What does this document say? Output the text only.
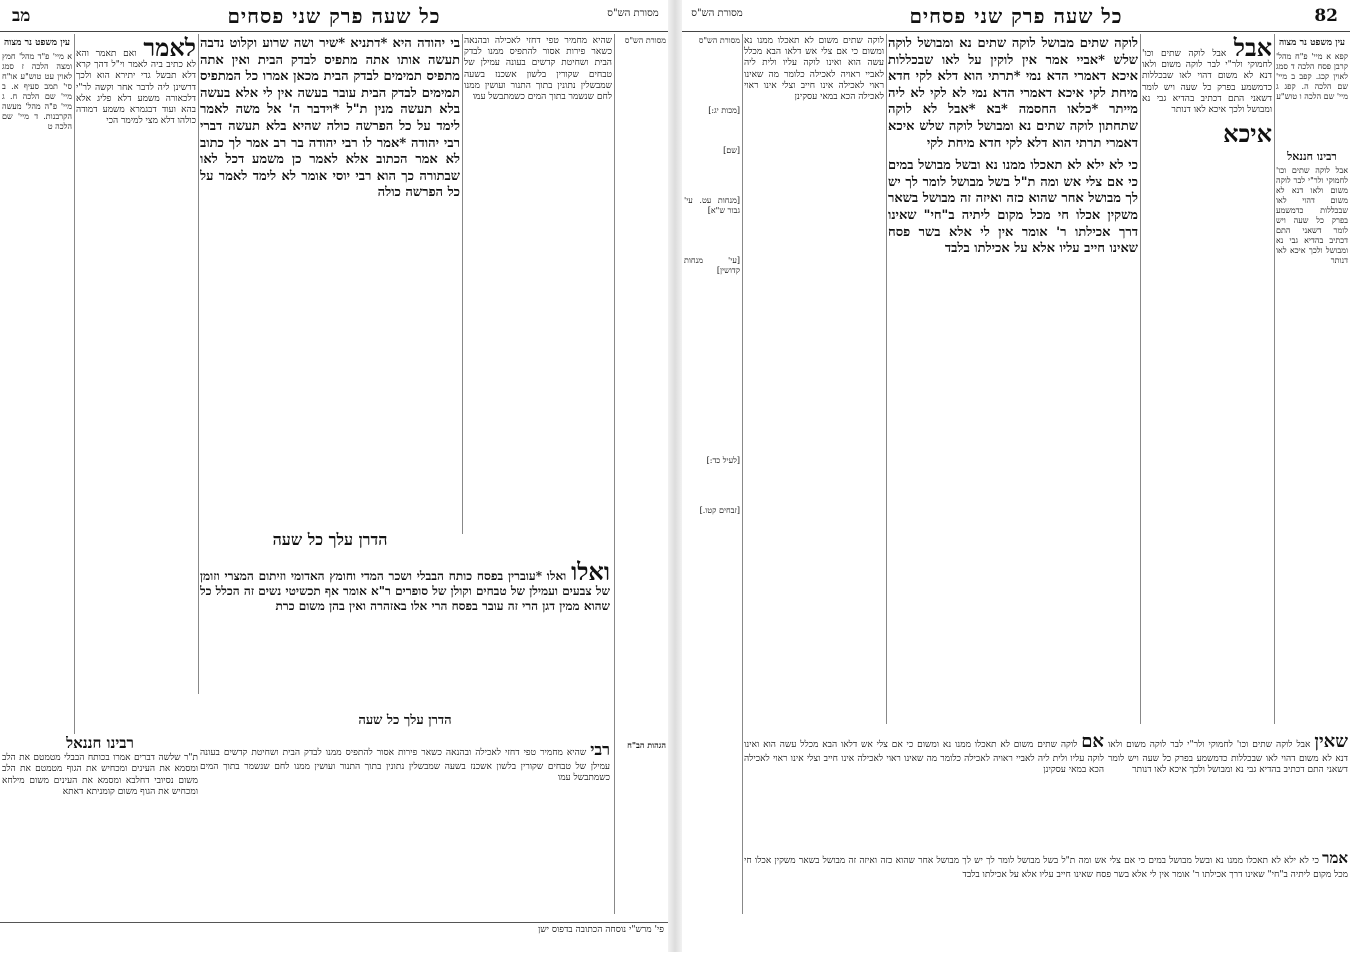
מב	כל שעה פרק שני פסחים	מסורת הש"ס
עין משפט נר מצוה
א מיי' פ"ד מהל' חמץ ומצה הלכה ז סמג לאוין עט טוש"ע או"ח סי' תמב סעיף א. ב מיי' שם הלכה ח. ג מיי' פ"ה מהל' מעשה הקרבנות. ד מיי' שם הלכה ט
לאמר ואם תאמר והא לא כתיב ביה לאמר וי"ל דהך קרא דלא תבשל גדי יתירא הוא ולכך דרשינן ליה לדבר אחר וקשה לר"י דלכאורה משמע דלא פליג אלא בהא ועוד דבגמרא משמע דמודה כולהו דלא מצי למימר הכי
בי יהודה היא *דתניא *שיר ושה שרוע וקלוט נדבה תעשה אותו אתה מתפיס לבדק הבית ואין אתה מתפיס תמימים לבדק הבית מכאן אמרו כל המתפיס תמימים לבדק הבית עובר בעשה אין לי אלא בעשה בלא תעשה מנין ת"ל *וידבר ה' אל משה לאמר לימד על כל הפרשה כולה שהיא בלא תעשה דברי רבי יהודה *אמר לו רבי יהודה בר רב אמר לך כתוב לא אמר הכתוב אלא לאמר כן משמע דכל לאו שבתורה כך הוא רבי יוסי אומר לא לימד לאמר על כל הפרשה כולה
שהיא מחמיר טפי דחזי לאכילה ובהנאה כשאר פירות אסור להתפיס ממנו לבדק הבית ושחיטת קדשים בעונה עמילן של טבחים שקורין בלשון אשכנז בשעה שמבשלין נתונין בתוך התנור ועושין ממנו לחם שנשמר בתוך המים כשמתבשל עמו
מסורת הש"ס
הדרן עלך כל שעה
ואלו ואלו *עוברין בפסח כותח הבבלי ושכר המדי וחומץ האדומי וזיתום המצרי וזומן של צבעים ועמילן של טבחים וקולן של סופרים ר"א אומר אף תכשיטי נשים זה הכלל כל שהוא ממין דגן הרי זה עובר בפסח הרי אלו באזהרה ואין בהן משום כרת
רבינו חננאל
ת"ר שלשה דברים אמרו בכותח הבבלי מטמטם את הלב ומסמא את העינים ומכחיש את הגוף מטמטם את הלב משום נסיובי דחלבא ומסמא את העינים משום מילחא ומכחיש את הגוף משום קומניתא דאתא
הדרן עלך כל שעה
רבי שהיא מחמיר טפי דחזי לאכילה ובהנאה כשאר פירות אסור להתפיס ממנו לבדק הבית ושחיטת קדשים בעונה עמילן של טבחים שקורין בלשון אשכנז בשעה שמבשלין נתונין בתוך התנור ועושין ממנו לחם שנשמר בתוך המים כשמתבשל עמו
הגהות הב"ח
פי' מרש"י נוסחה הכתובה בדפוס ישן
82
כל שעה פרק שני פסחים
מסורת הש"ס
מסורת הש"ס
[מכות יג:]
[שם]
[מנחות עט. עי' גבור ש"א]
[עי' מנחות קדושין]
[לעיל כד:]
[זבחים קטו.]
לוקה שתים משום לא תאכלו ממנו נא ומשום כי אם צלי אש דלאו הבא מכלל עשה הוא ואינו לוקה עליו ולית ליה לאביי ראויה לאכילה כלומר מה שאינו ראוי לאכילה אינו חייב וצלי אינו ראוי לאכילה הכא במאי עסקינן
לוקה שתים מבושל לוקה שתים נא ומבושל לוקה שלש *אביי אמר אין לוקין על לאו שבכללות איכא דאמרי הדא נמי *תרתי הוא דלא לקי חדא מיחת לקי איכא דאמרי הדא נמי לא לקי לא ליה מייתר *כלאו החסמה *בא *אבל לא לוקה שתחתון לוקה שתים נא ומבושל לוקה שלש איכא דאמרי תרתי הוא דלא לקי חדא מיחת לקי
כי לא ילא לא תאכלו ממנו נא ובשל מבושל במים כי אם צלי אש ומה ת"ל בשל מבושל לומר לך יש לך מבושל אחר שהוא כזה ואיזה זה מבושל בשאר משקין אכלו חי מכל מקום ליתיה ב"חי" שאינו דרך אכילתו ר' אומר אין לי אלא בשר פסח שאינו חייב עליו אלא על אכילתו בלבד
אבל אבל לוקה שתים וכו' לחמוקי ולר"י לבר לוקה משום ולאו דנא לא משום דהוי לאו שבכללות כדמשמע בפרק כל שעה ויש לומר דשאני התם דכתיב בהדיא גבי נא ומבושל ולכך איכא לאו דנותר
איכא
עין משפט נר מצוה
קפא א מיי' פ"ח מהל' קרבן פסח הלכה ד סמג לאוין קכג. קפב ב מיי' שם הלכה ה. קפג ג מיי' שם הלכה ו טוש"ע
רבינו חננאל
אבל לוקה שתים וכו' לחמוקי ולר"י לבר לוקה משום ולאו דנא לא משום דהוי לאו שבכללות כדמשמע בפרק כל שעה ויש לומר דשאני התם דכתיב בהדיא גבי נא ומבושל ולכך איכא לאו דנותר
אם לוקה שתים משום לא תאכלו ממנו נא ומשום כי אם צלי אש דלאו הבא מכלל עשה הוא ואינו לוקה עליו ולית ליה לאביי ראויה לאכילה כלומר מה שאינו ראוי לאכילה אינו חייב וצלי אינו ראוי לאכילה הכא במאי עסקינן
שאין אבל לוקה שתים וכו' לחמוקי ולר"י לבר לוקה משום ולאו דנא לא משום דהוי לאו שבכללות כדמשמע בפרק כל שעה ויש לומר דשאני התם דכתיב בהדיא גבי נא ומבושל ולכך איכא לאו דנותר
אמר כי לא ילא לא תאכלו ממנו נא ובשל מבושל במים כי אם צלי אש ומה ת"ל בשל מבושל לומר לך יש לך מבושל אחר שהוא כזה ואיזה זה מבושל בשאר משקין אכלו חי מכל מקום ליתיה ב"חי" שאינו דרך אכילתו ר' אומר אין לי אלא בשר פסח שאינו חייב עליו אלא על אכילתו בלבד
